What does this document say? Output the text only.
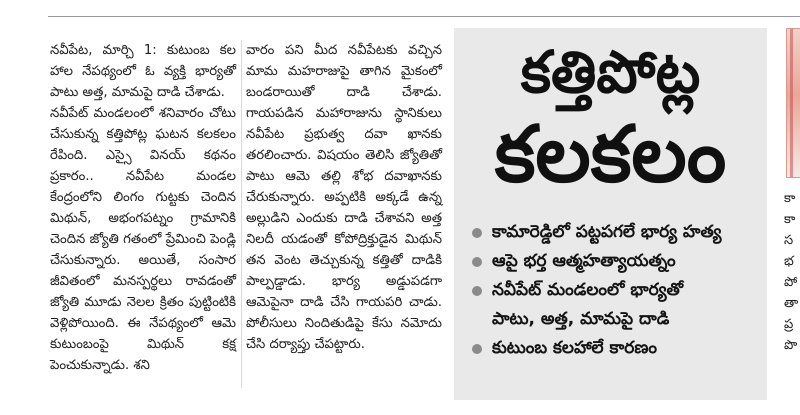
నవీపేట, మార్చి 1: కుటుంబ కల హాల నేపథ్యంలో ఓ వ్యక్తి భార్యతో పాటు అత్త, మామపై దాడి చేశాడు.

నవీపేట్ మండలంలో శనివారం చోటు చేసుకున్న కత్తిపోట్ల ఘటన కలకలం రేపింది. ఎస్సై వినయ్ కథనం ప్రకారం.. నవీపేట మండల కేంద్రంలోని లింగం గుట్టకు చెందిన మిథున్, అభంగపట్నం గ్రామానికి చెందిన జ్యోతి గతంలో ప్రేమించి పెండ్లి చేసుకున్నారు. అయితే, సంసార జీవితంలో మనస్పర్థలు రావడంతో జ్యోతి మూడు నెలల క్రితం పుట్టింటికి వెళ్లిపోయింది. ఈ నేపథ్యంలో ఆమె కుటుంబంపై మిథున్ కక్ష పెంచుకున్నాడు. శని

వారం పని మీద నవీపేటకు వచ్చిన మామ మహరాజుపై తాగిన మైకంలో బండరాయితో దాడి చేశాడు. గాయపడిన మహారాజును స్థానికులు నవీపేట ప్రభుత్వ దవా ఖానకు తరలించారు. విషయం తెలిసి జ్యోతితో పాటు ఆమె తల్లి శోభ దవాఖానకు చేరుకున్నారు. అప్పటికి అక్కడే ఉన్న అల్లుడిని ఎందుకు దాడి చేశావని అత్త నిలదీ యడంతో కోపోద్రిక్తుడైన మిథున్ తన వెంట తెచ్చుకున్న కత్తితో దాడికి పాల్పడ్డాడు. భార్య అడ్డుపడగా ఆమెపైనా దాడి చేసి గాయపరి చాడు. పోలీసులు నిందితుడిపై కేసు నమోదు చేసి దర్యాప్తు చేపట్టారు.

కత్తిపోట్ల
కలకలం
కామారెడ్డిలో పట్టపగలే భార్య హత్య
ఆపై భర్త ఆత్మహత్యాయత్నం
నవీపేట్ మండలంలో భార్యతో
పాటు, అత్త, మామపై దాడి
కుటుంబ కలహాలే కారణం
కా
కా
స
భ
పో
తా
ప్ర
పొ
